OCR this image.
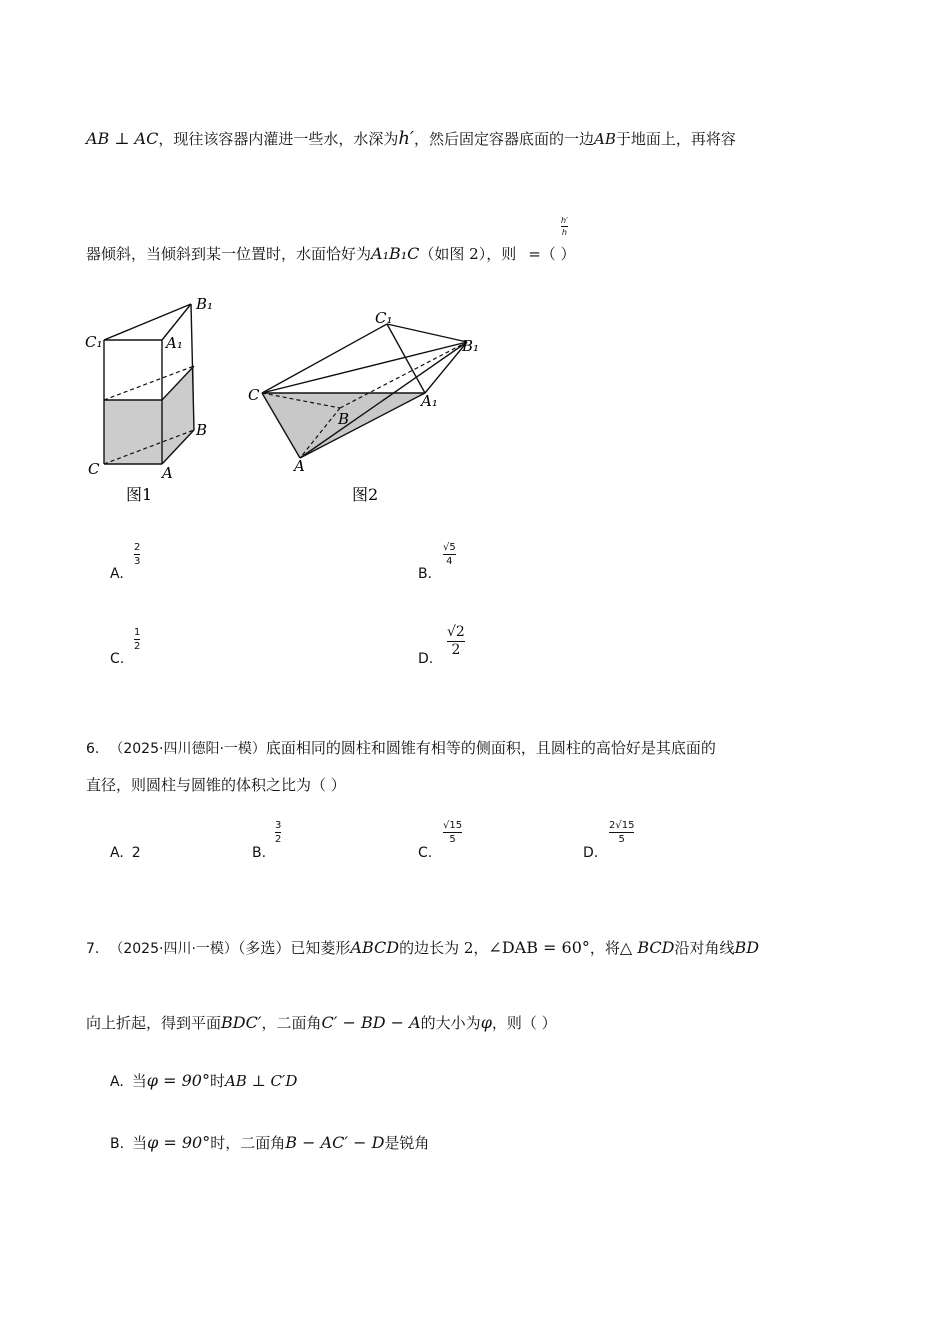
AB ⊥ AC，现往该容器内灌进一些水，水深为h′，然后固定容器底面的一边AB于地面上，再将容
器倾斜，当倾斜到某一位置时，水面恰好为A₁B₁C（如图 2），则 =（ ）
h′
h
B₁
C₁	A₁
B
C	A
图1
C₁
B₁
C
B
A₁
A
图2
A.
2
3
B.
√5
4
C.
1
2
D.
√2
2
6. （2025·四川德阳·一模）底面相同的圆柱和圆锥有相等的侧面积，且圆柱的高恰好是其底面的
直径，则圆柱与圆锥的体积之比为（ ）
A. 2	B.
3
2
C.
√15
5
D.
2√15
5
7. （2025·四川·一模）（多选）已知菱形ABCD的边长为 2，∠DAB = 60°，将△ BCD沿对角线BD
向上折起，得到平面BDC′，二面角C′ − BD − A的大小为φ，则（ ）
A. 当φ = 90°时AB ⊥ C′D
B. 当φ = 90°时，二面角B − AC′ − D是锐角
